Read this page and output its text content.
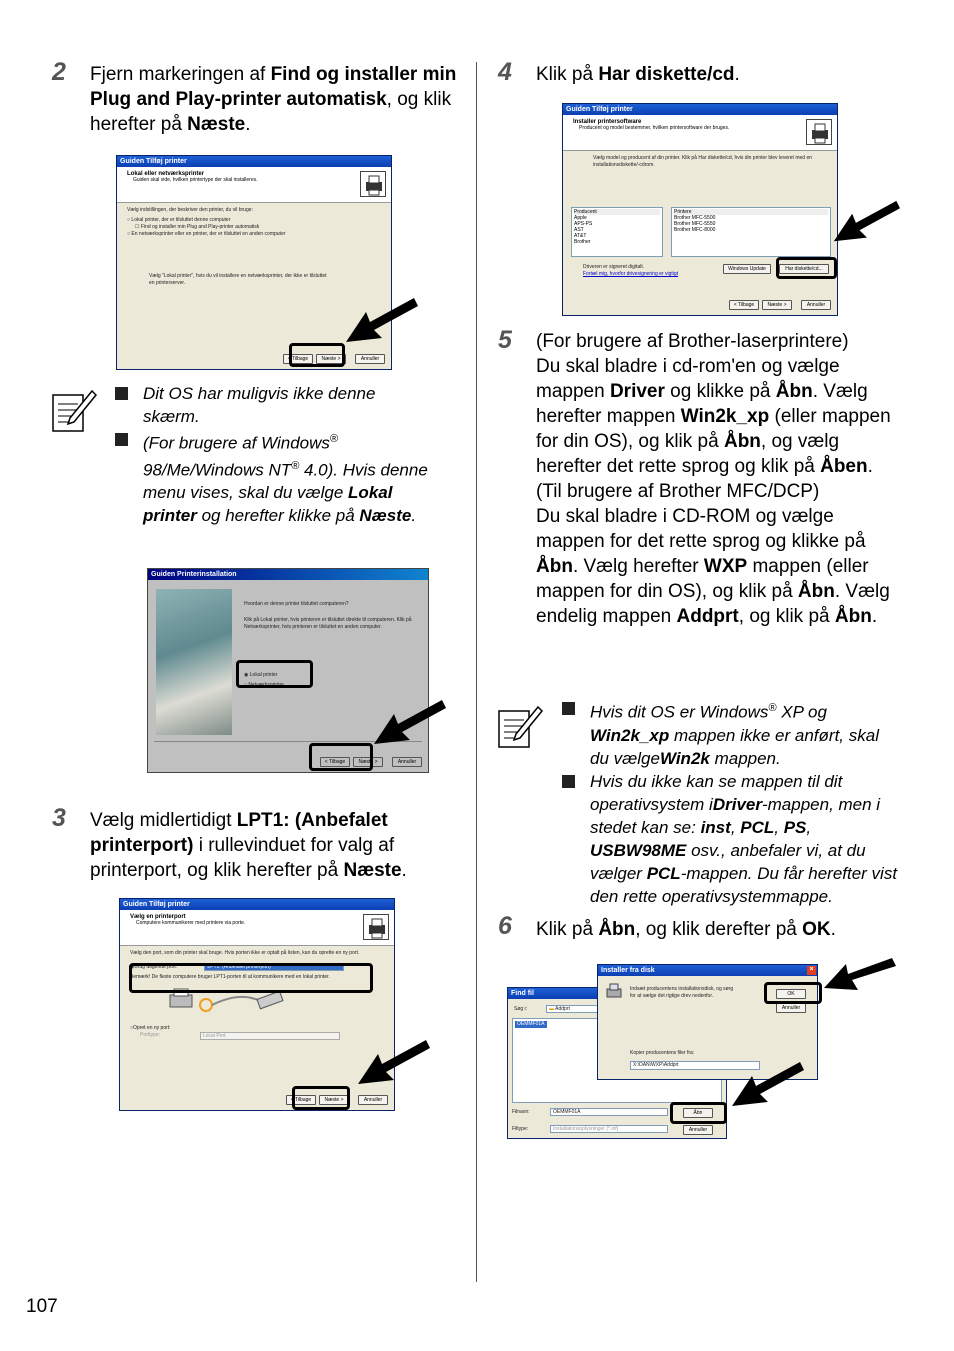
2 Fjern markeringen af Find og installer min Plug and Play-printer automatisk, og klik herefter på Næste.
Guiden Tilføj printer
Lokal eller netværksprinter
Guiden skal vide, hvilken printertype der skal installeres.
Vælg indstillingen, der beskriver den printer, du vil bruge:
○ Lokal printer, der er tilsluttet denne computer
☐ Find og installer min Plug and Play-printer automatisk
○ En netværksprinter eller en printer, der er tilsluttet en anden computer
Vælg "Lokal printer", hvis du vil installere en netværksprinter, der ikke er tilsluttet en printerserver.
< Tilbage	Næste >	Annuller
Dit OS har muligvis ikke denne skærm.
(For brugere af Windows® 98/Me/Windows NT® 4.0). Hvis denne menu vises, skal du vælge Lokal printer og herefter klikke på Næste.
Guiden Printerinstallation
Hvordan er denne printer tilsluttet computeren?
Klik på Lokal printer, hvis printeren er tilsluttet direkte til computeren. Klik på Netværksprinter, hvis printeren er tilsluttet en anden computer.
◉ Lokal printer
○ Netværksprinter
< Tilbage	Næste >	Annuller
3 Vælg midlertidigt LPT1: (Anbefalet printerport) i rullevinduet for valg af printerport, og klik herefter på Næste.
Guiden Tilføj printer
Vælg en printerport
Computere kommunikerer med printere via porte.
Vælg den port, som din printer skal bruge. Hvis porten ikke er optalt på listen, kan du oprette en ny port.
◉ Brug følgende port:	LPT1: (Anbefalet printerport)
Bemærk! De fleste computere bruger LPT1-porten til at kommunikere med en lokal printer.
○ Opret en ny port:
Porttype:	Local Port
< Tilbage	Næste >	Annuller
4 Klik på Har diskette/cd.
Guiden Tilføj printer
Installer printersoftware
Producent og model bestemmer, hvilken printersoftware der bruges.
Vælg model og producent af din printer. Klik på Har diskette/cd, hvis din printer blev leveret med en installationsdiskette/-cdrom.
Producent
Apple
APS-PS
AST
AT&T
Brother
Printere
Brother MFC-5500
Brother MFC-5550
Brother MFC-8000
Driveren er signeret digitalt.
Fortæl mig, hvorfor drivesignering er vigtigt
Windows Update	Har diskette/cd...
< Tilbage	Næste >	Annuller
5 (For brugere af Brother-laserprintere)
Du skal bladre i cd-rom'en og vælge mappen Driver og klikke på Åbn. Vælg herefter mappen Win2k_xp (eller mappen for din OS), og klik på Åbn, og vælg herefter det rette sprog og klik på Åben.
(Til brugere af Brother MFC/DCP)
Du skal bladre i CD-ROM og vælge mappen for det rette sprog og klikke på Åbn. Vælg herefter WXP mappen (eller mappen for din OS), og klik på Åbn. Vælg endelig mappen Addprt, og klik på Åbn.
Hvis dit OS er Windows® XP og Win2k_xp mappen ikke er anført, skal du vælgeWin2k mappen.
Hvis du ikke kan se mappen til dit operativsystem iDriver-mappen, men i stedet kan se: inst, PCL, PS, USBW98ME osv., anbefaler vi, at du vælger PCL-mappen. Du får herefter vist den rette operativsystemmappe.
6 Klik på Åbn, og klik derefter på OK.
Find fil
Søg i:	▬ Addprt
OEMMF01A
Filnavn:	OEMMF01A
Filtype:	Installationsoplysninger (*.inf)
Åbn
Annuller
Installer fra disk	×
Indsæt producentens installationsdisk, og sørg for at vælge det rigtige drev nedenfor.	OK
Annuller
Kopier producentens filer fra:
X:\DAN\WXP\Addprt
107
